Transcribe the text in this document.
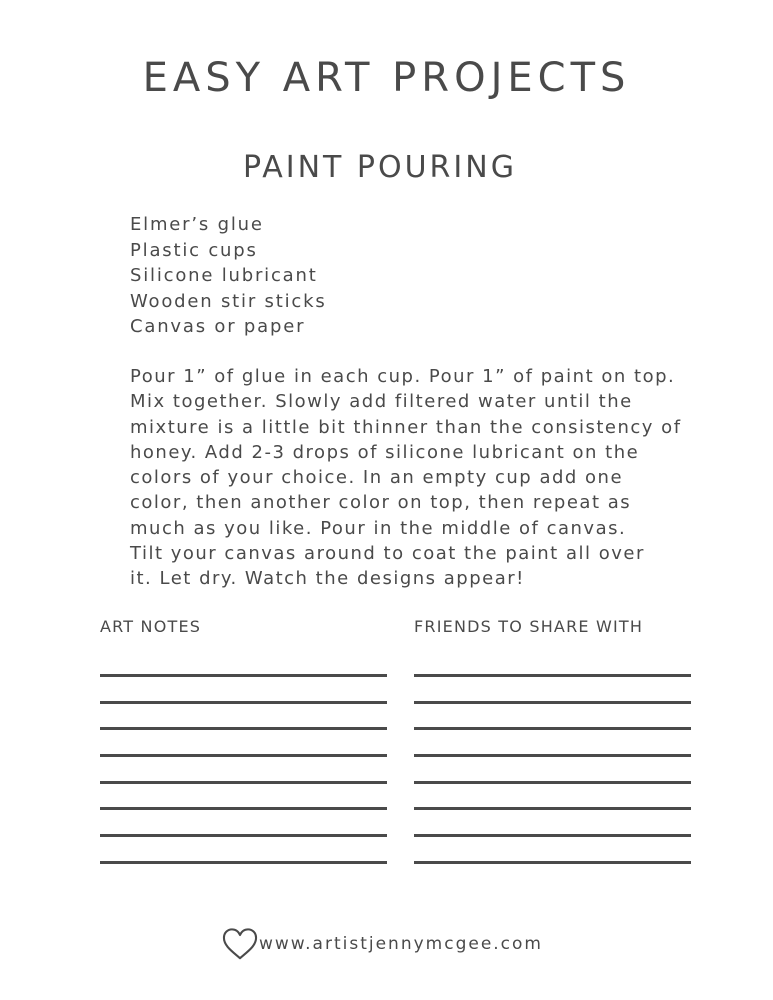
EASY ART PROJECTS
PAINT POURING
Elmer’s glue
Plastic cups
Silicone lubricant
Wooden stir sticks
Canvas or paper

Pour 1” of glue in each cup. Pour 1” of paint on top.
Mix together. Slowly add filtered water until the
mixture is a little bit thinner than the consistency of
honey. Add 2-3 drops of silicone lubricant on the
colors of your choice. In an empty cup add one
color, then another color on top, then repeat as
much as you like. Pour in the middle of canvas.
Tilt your canvas around to coat the paint all over
it. Let dry. Watch the designs appear!

ART NOTES	FRIENDS TO SHARE WITH
www.artistjennymcgee.com
